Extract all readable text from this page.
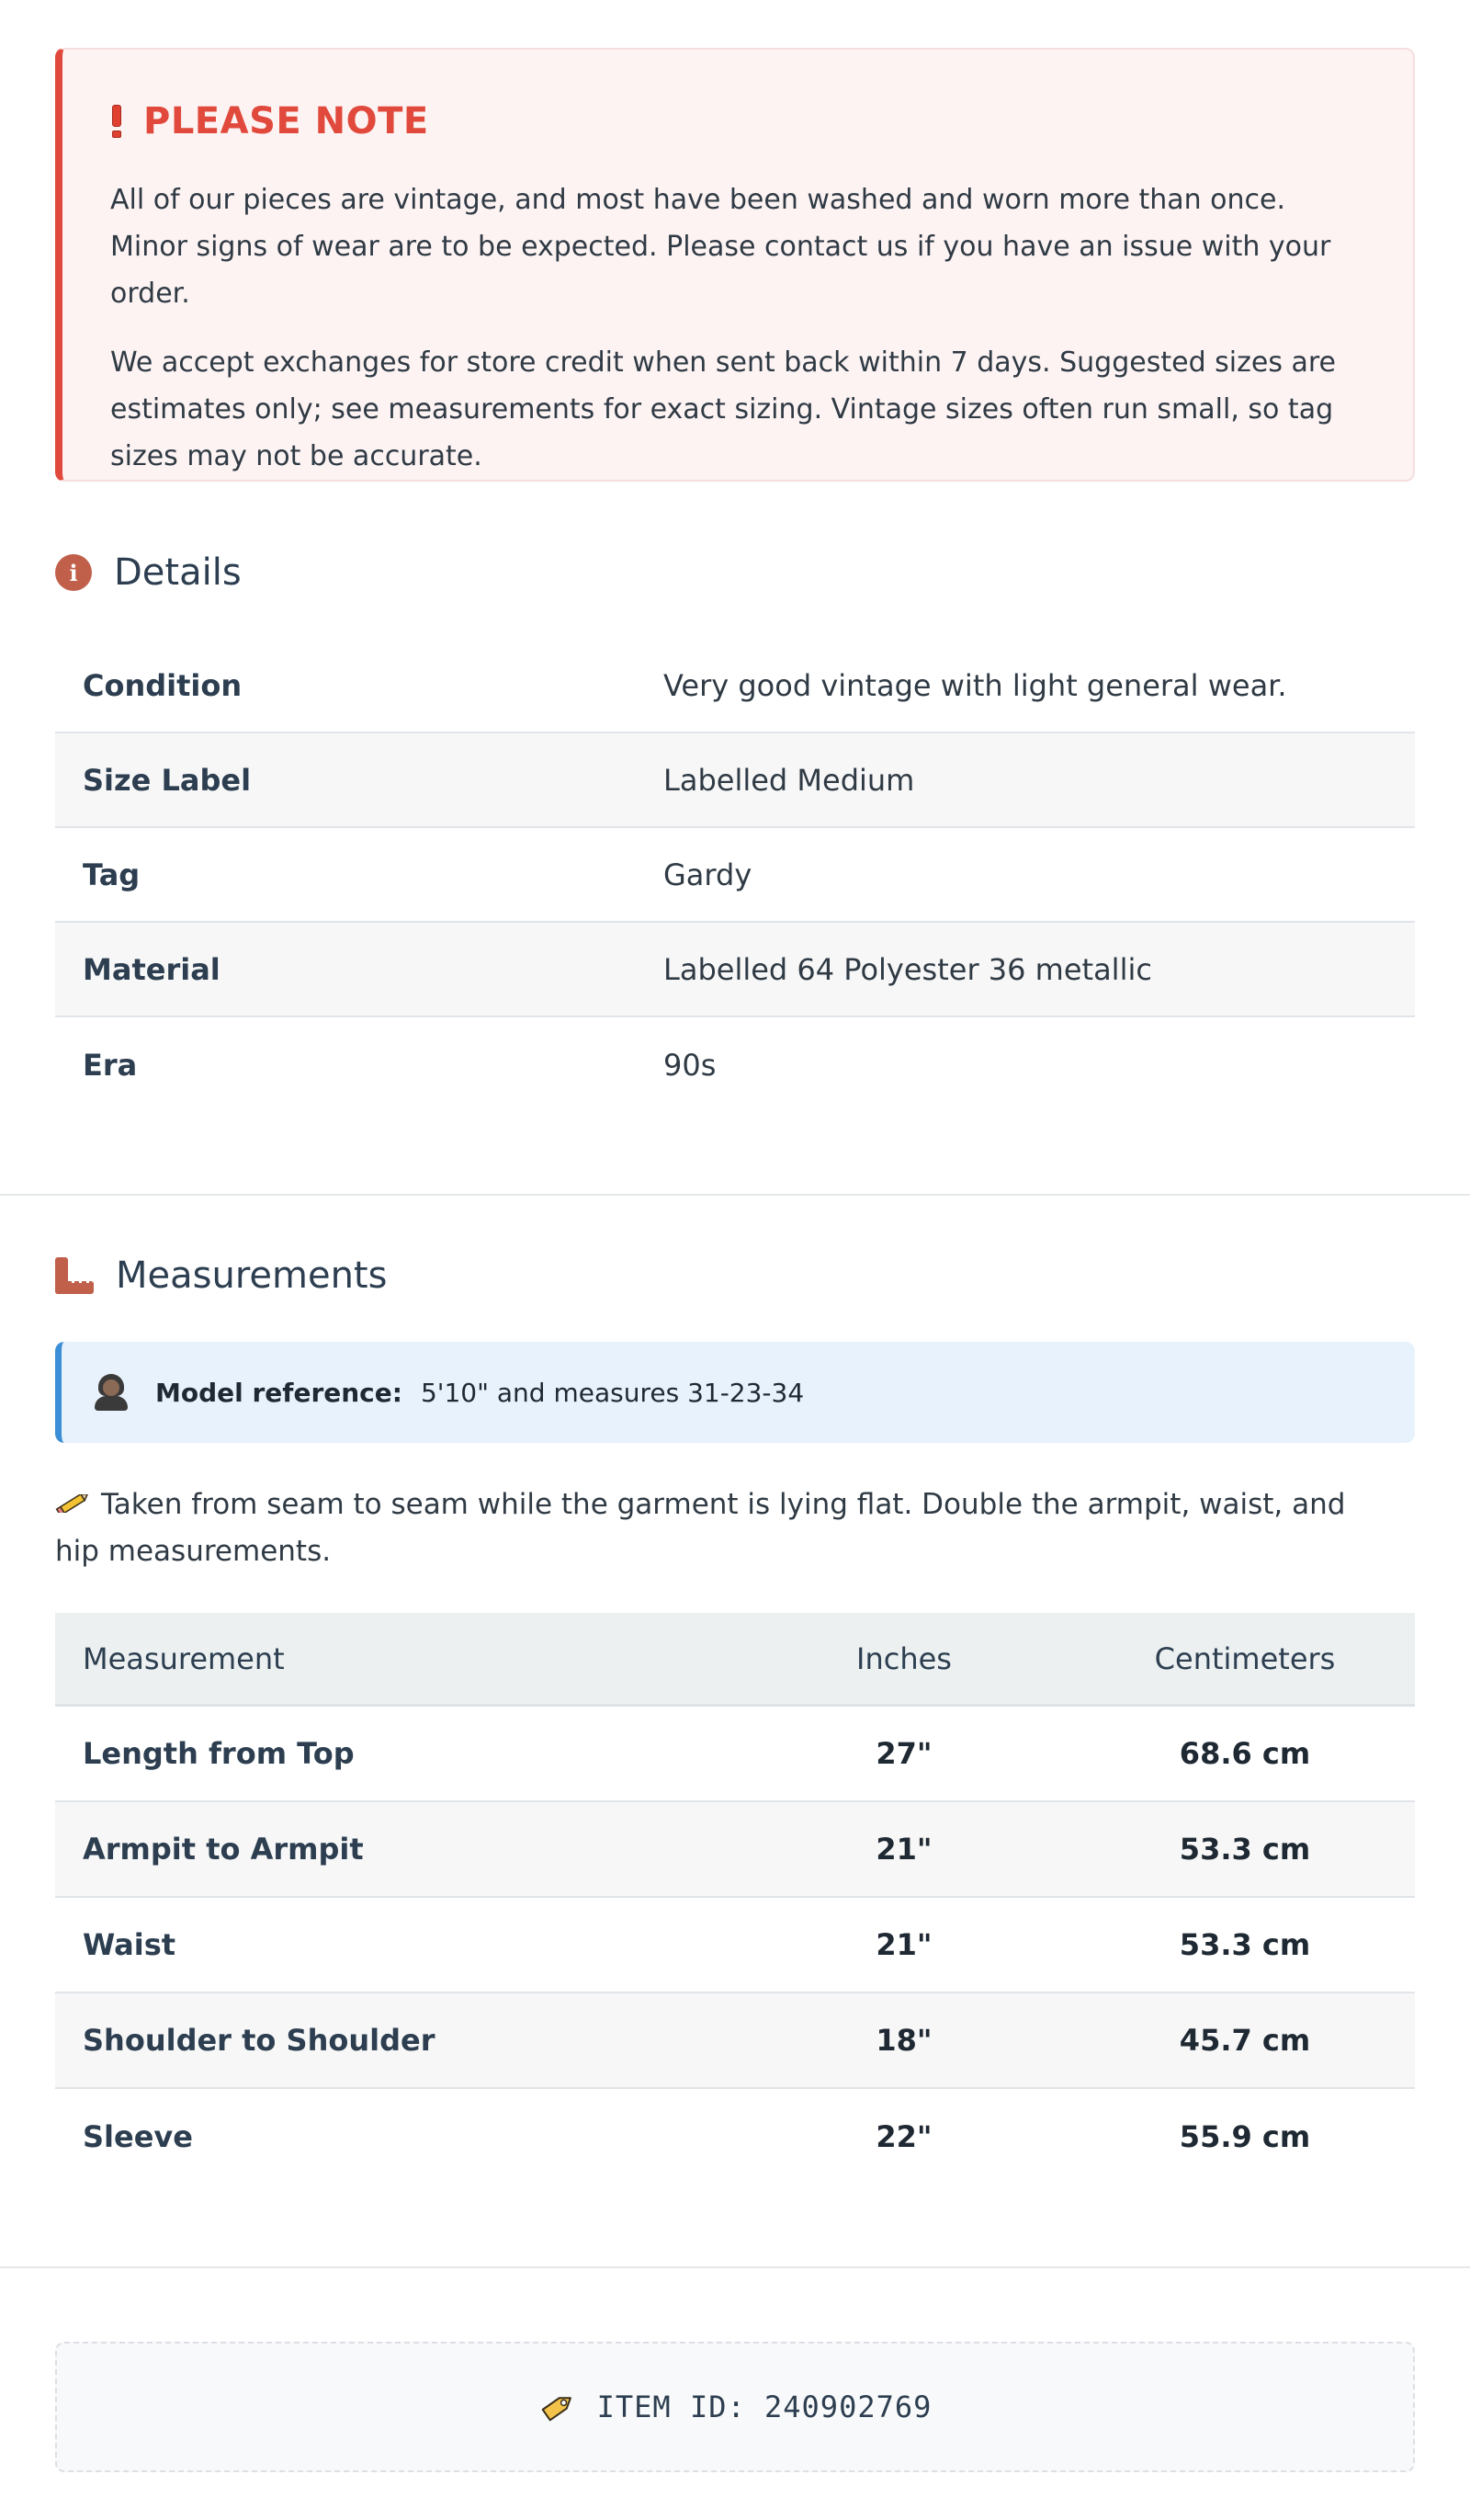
PLEASE NOTE

All of our pieces are vintage, and most have been washed and worn more than once. Minor signs of wear are to be expected. Please contact us if you have an issue with your order.

We accept exchanges for store credit when sent back within 7 days. Suggested sizes are estimates only; see measurements for exact sizing. Vintage sizes often run small, so tag sizes may not be accurate.

i Details
Condition	Very good vintage with light general wear.
Size Label	Labelled Medium
Tag	Gardy
Material	Labelled 64 Polyester 36 metallic
Era	90s
Measurements
Model reference: 5'10" and measures 31-23-34
Taken from seam to seam while the garment is lying flat. Double the armpit, waist, and hip measurements.
Measurement	Inches	Centimeters
Length from Top	27"	68.6 cm
Armpit to Armpit	21"	53.3 cm
Waist	21"	53.3 cm
Shoulder to Shoulder	18"	45.7 cm
Sleeve	22"	55.9 cm
ITEM ID: 240902769
